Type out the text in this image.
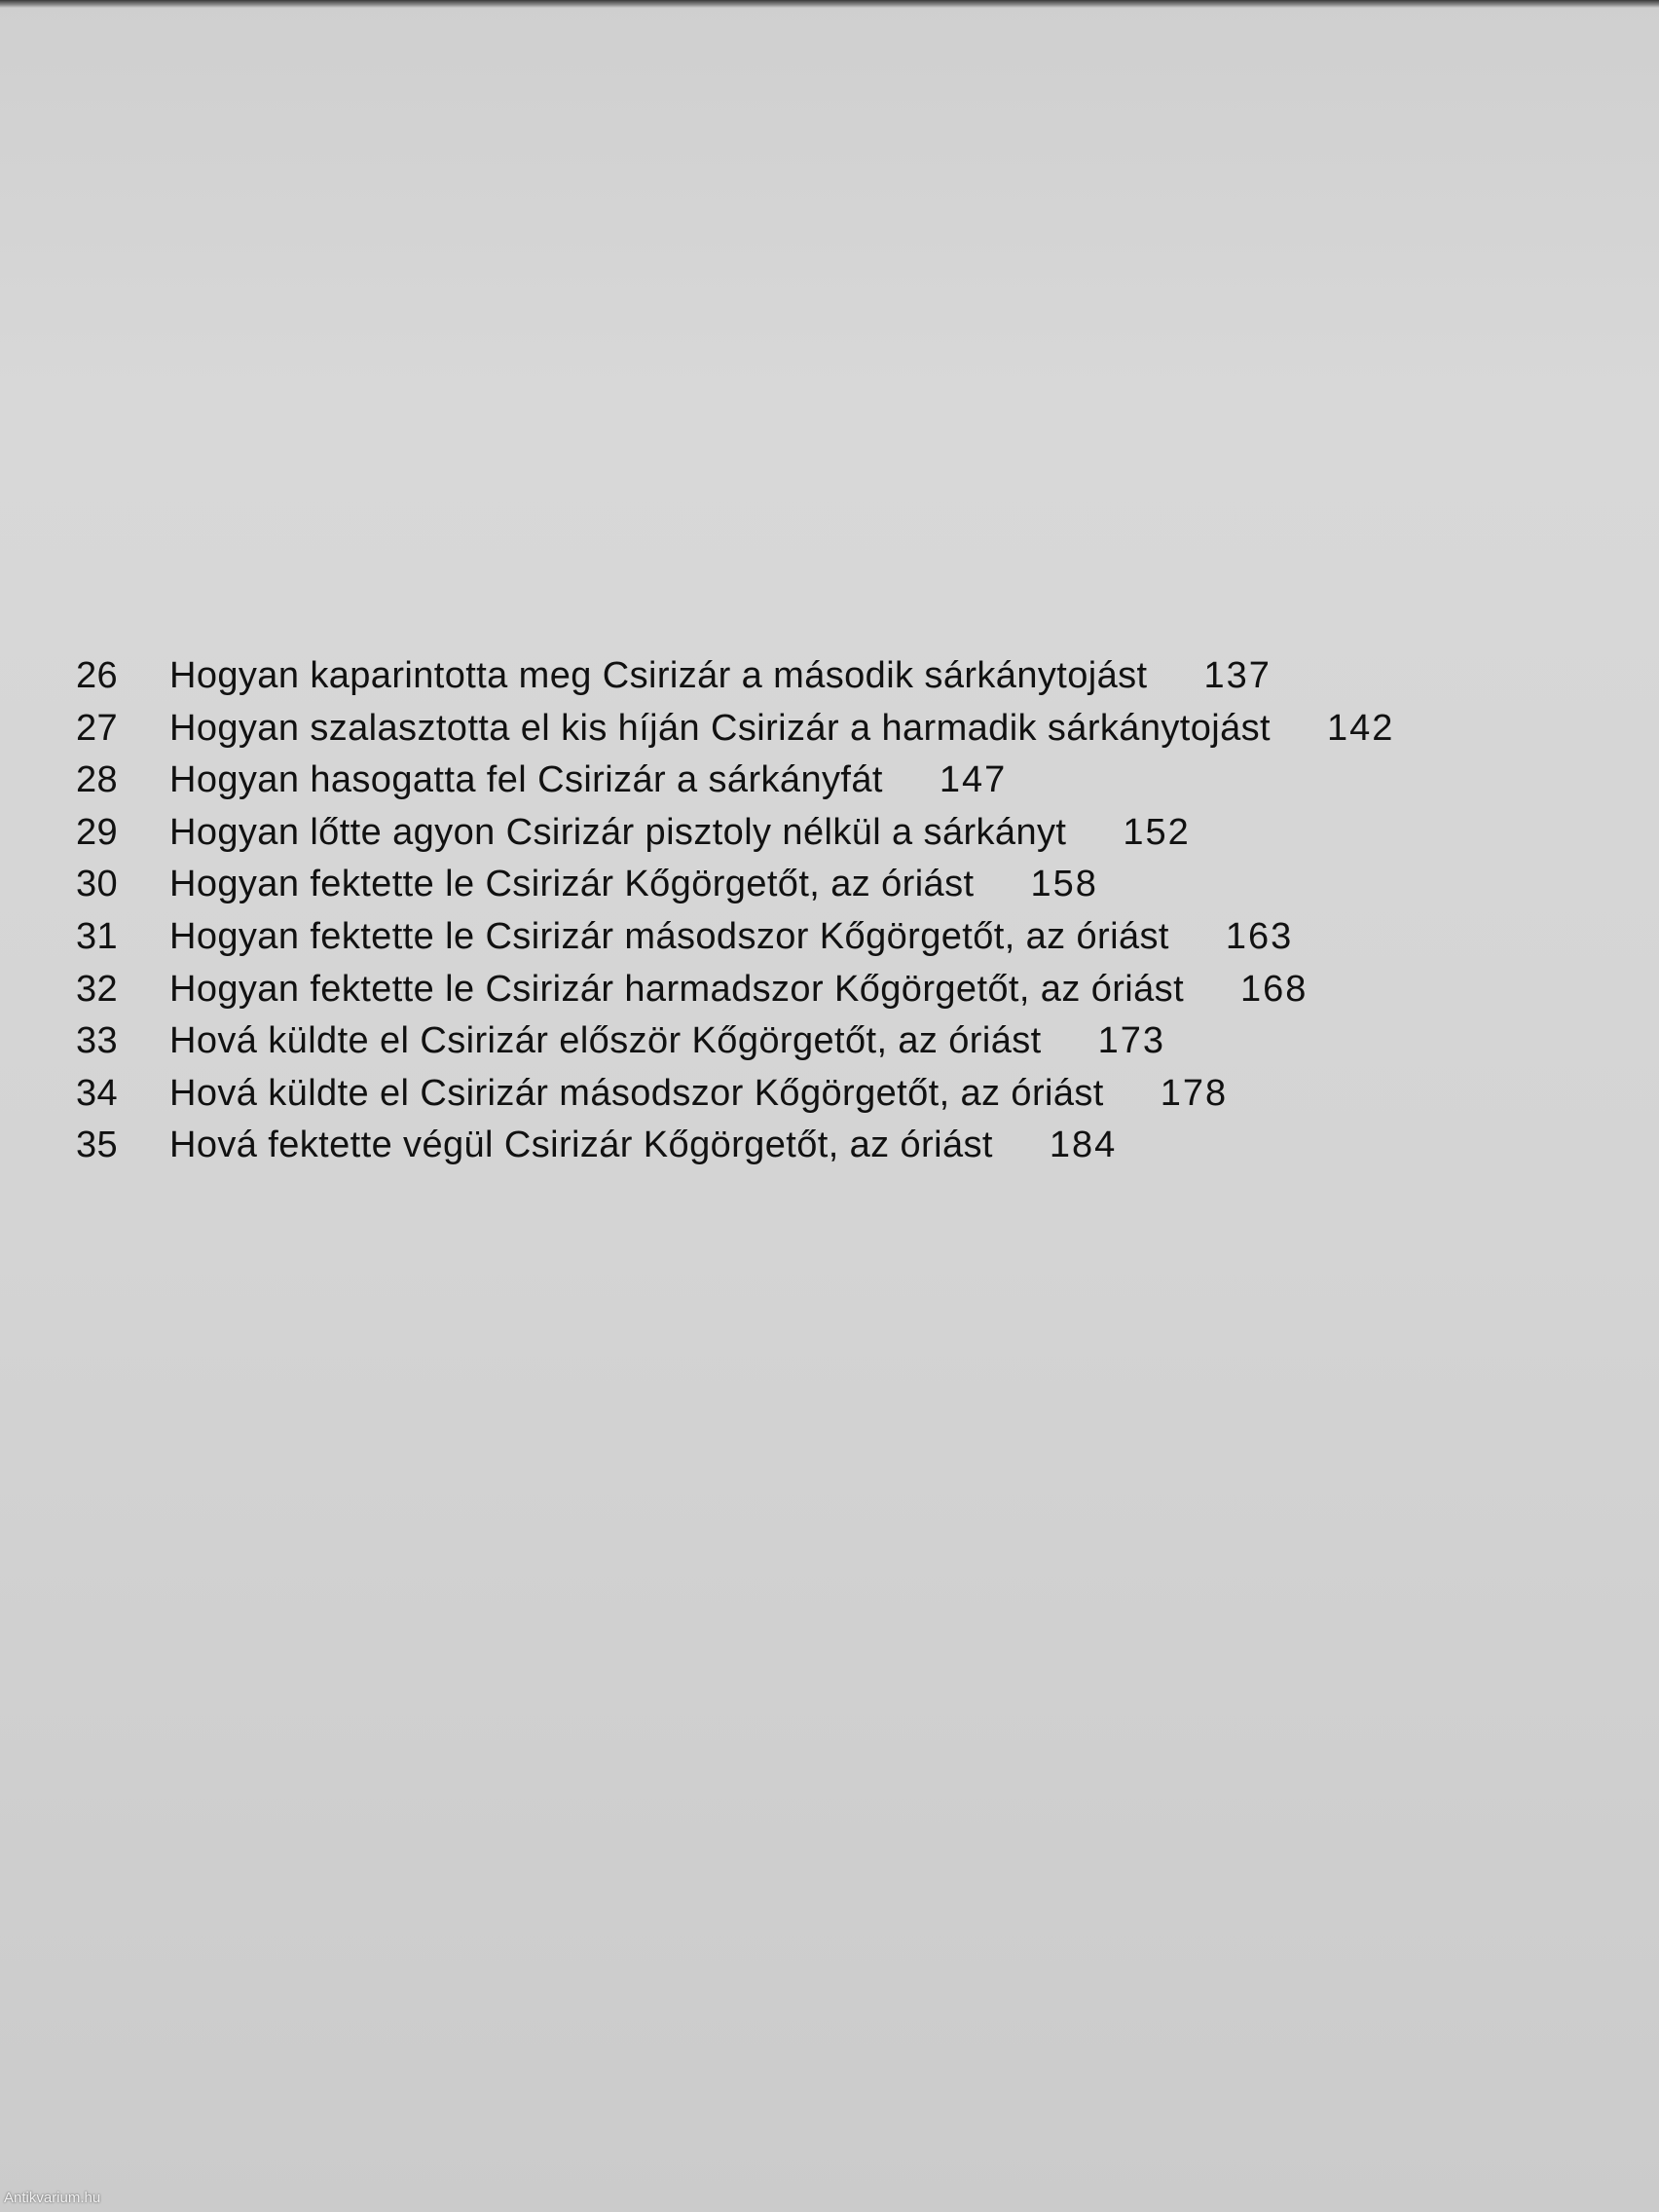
26	Hogyan kaparintotta meg Csirizár a második sárkánytojást 137
27	Hogyan szalasztotta el kis híján Csirizár a harmadik sárkánytojást 142
28	Hogyan hasogatta fel Csirizár a sárkányfát 147
29	Hogyan lőtte agyon Csirizár pisztoly nélkül a sárkányt 152
30	Hogyan fektette le Csirizár Kőgörgetőt, az óriást 158
31	Hogyan fektette le Csirizár másodszor Kőgörgetőt, az óriást 163
32	Hogyan fektette le Csirizár harmadszor Kőgörgetőt, az óriást 168
33	Hová küldte el Csirizár először Kőgörgetőt, az óriást 173
34	Hová küldte el Csirizár másodszor Kőgörgetőt, az óriást 178
35	Hová fektette végül Csirizár Kőgörgetőt, az óriást 184
Antikvarium.hu
